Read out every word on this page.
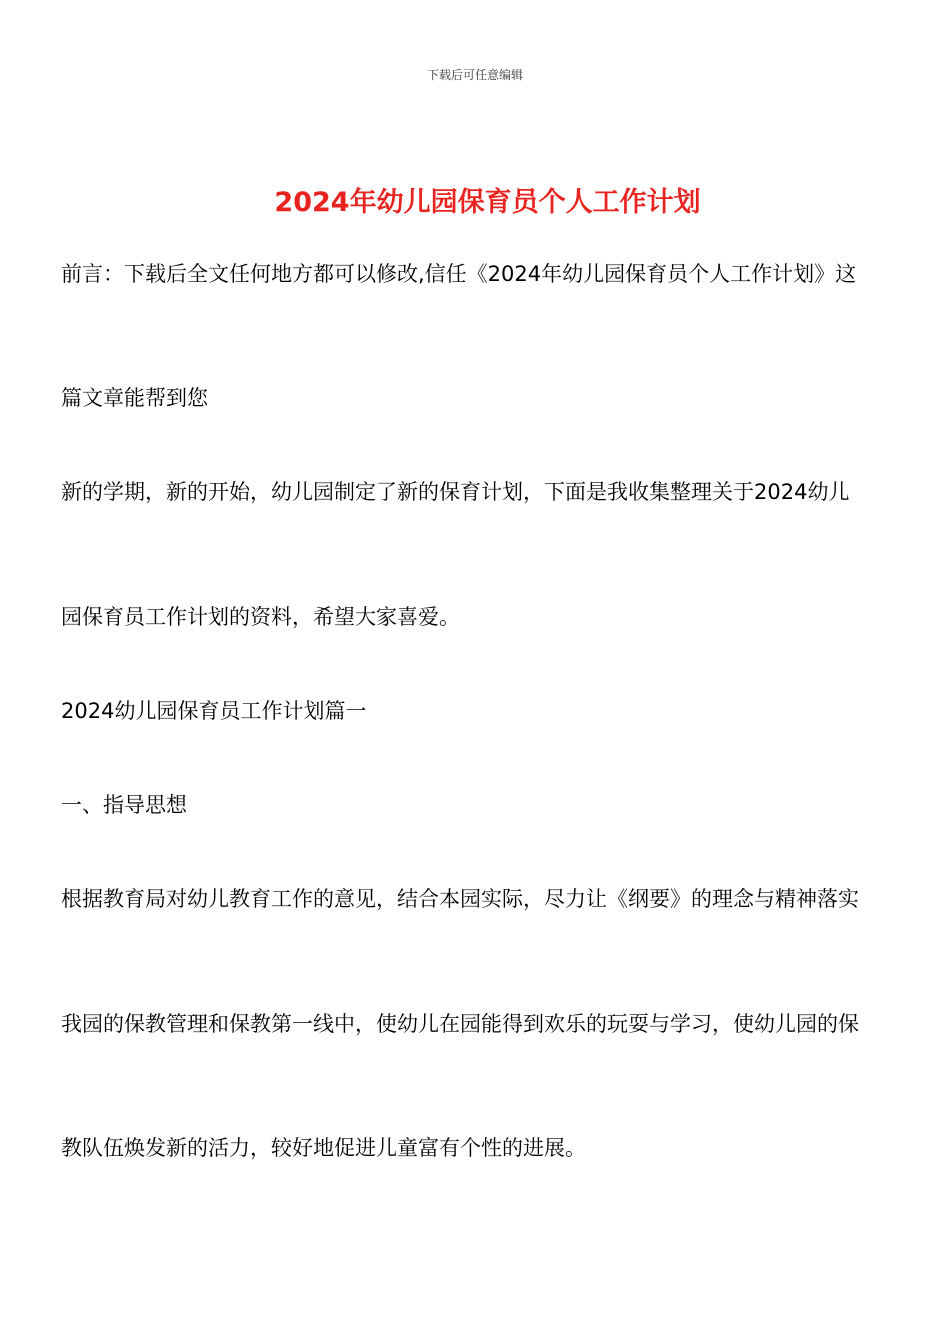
下载后可任意编辑
2024年幼儿园保育员个人工作计划
前言：下载后全文任何地方都可以修改,信任《2024年幼儿园保育员个人工作计划》这
篇文章能帮到您
新的学期，新的开始，幼儿园制定了新的保育计划，下面是我收集整理关于2024幼儿
园保育员工作计划的资料，希望大家喜爱。
2024幼儿园保育员工作计划篇一
一、指导思想
根据教育局对幼儿教育工作的意见，结合本园实际，尽力让《纲要》的理念与精神落实
我园的保教管理和保教第一线中，使幼儿在园能得到欢乐的玩耍与学习，使幼儿园的保
教队伍焕发新的活力，较好地促进儿童富有个性的进展。
